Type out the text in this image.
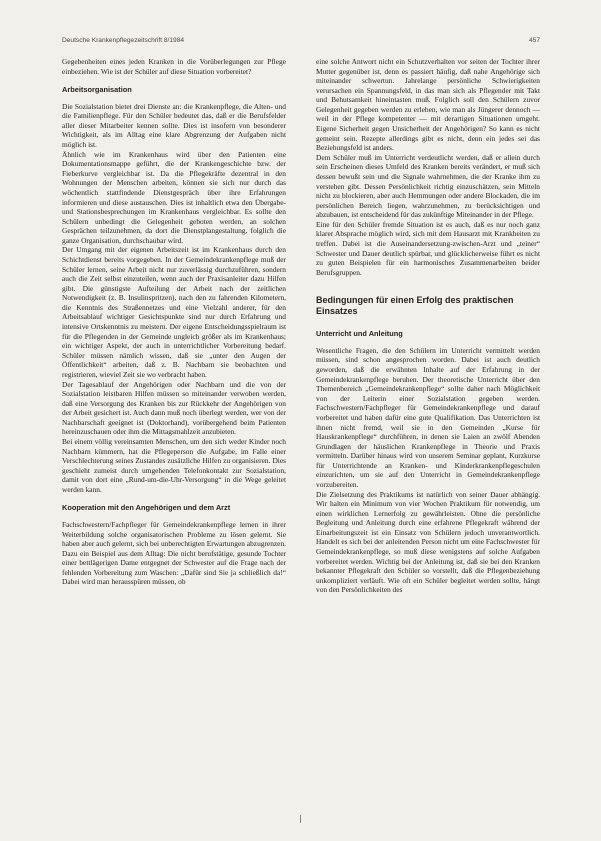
Deutsche Krankenpflegezeitschrift 8/1984	457

Gegebenheiten eines jeden Kranken in die Vorüberlegungen zur Pflege einbeziehen. Wie ist der Schüler auf diese Situation vorbereitet?

Arbeitsorganisation

Die Sozialstation bietet drei Dienste an: die Krankenpflege, die Alten- und die Familienpflege. Für den Schüler bedeutet das, daß er die Berufsfelder aller dieser Mitarbeiter kennen sollte. Dies ist insofern von besonderer Wichtigkeit, als im Alltag eine klare Abgrenzung der Aufgaben nicht möglich ist.

Ähnlich wie im Krankenhaus wird über den Patienten eine Dokumentationsmappe geführt, die der Krankengeschichte bzw. der Fieberkurve vergleichbar ist. Da die Pflegekräfte dezentral in den Wohnungen der Menschen arbeiten, können sie sich nur durch das wöchentlich stattfindende Dienstgespräch über ihre Erfahrungen informieren und diese austauschen. Dies ist inhaltlich etwa den Übergabe- und Stationsbesprechungen im Krankenhaus vergleichbar. Es sollte den Schülern unbedingt die Gelegenheit geboten werden, an solchen Gesprächen teilzunehmen, da dort die Dienstplangestaltung, folglich die ganze Organisation, durchschaubar wird.

Der Umgang mit der eigenen Arbeitszeit ist im Krankenhaus durch den Schichtdienst bereits vorgegeben. In der Gemeindekrankenpflege muß der Schüler lernen, seine Arbeit nicht nur zuverlässig durchzuführen, sondern auch die Zeit selbst einzuteilen, wenn auch der Praxisanleiter dazu Hilfen gibt. Die günstigste Aufteilung der Arbeit nach der zeitlichen Notwendigkeit (z. B. Insulinspritzen), nach den zu fahrenden Kilometern, die Kenntnis des Straßennetzes und eine Vielzahl anderer, für den Arbeitsablauf wichtiger Gesichtspunkte sind nur durch Erfahrung und intensive Ortskenntnis zu meistern. Der eigene Entscheidungsspielraum ist für die Pflegenden in der Gemeinde ungleich größer als im Krankenhaus; ein wichtiger Aspekt, der auch in unterrichtlicher Vorbereitung bedarf. Schüler müssen nämlich wissen, daß sie „unter den Augen der Öffentlichkeit“ arbeiten, daß z. B. Nachbarn sie beobachten und registrieren, wieviel Zeit sie wo verbracht haben.

Der Tagesablauf der Angehörigen oder Nachbarn und die von der Sozialstation leistbaren Hilfen müssen so miteinander verwoben werden, daß eine Versorgung des Kranken bis zur Rückkehr der Angehörigen von der Arbeit gesichert ist. Auch dann muß noch überlegt werden, wer von der Nachbarschaft geeignet ist (Doktorhand), vorübergehend beim Patienten hereinzuschauen oder ihm die Mittagsmahlzeit anzubieten.

Bei einem völlig vereinsamten Menschen, um den sich weder Kinder noch Nachbarn kümmern, hat die Pflegeperson die Aufgabe, im Falle einer Verschlechterung seines Zustandes zusätzliche Hilfen zu organisieren. Dies geschieht zumeist durch umgehenden Telefonkontakt zur Sozialstation, damit von dort eine „Rund-um-die-Uhr-Versorgung“ in die Wege geleitet werden kann.

Kooperation mit den Angehörigen und dem Arzt

Fachschwestern/Fachpfleger für Gemeindekrankenpflege lernen in ihrer Weiterbildung solche organisatorischen Probleme zu lösen gelernt. Sie haben aber auch gelernt, sich bei unberechtigten Erwartungen abzugrenzen. Dazu ein Beispiel aus dem Alltag: Die nicht berufstätige, gesunde Tochter einer bettlägerigen Dame entgegnet der Schwester auf die Frage nach der fehlenden Vorbereitung zum Waschen: „Dafür sind Sie ja schließlich da!“ Dabei wird man herausspüren müssen, ob

eine solche Antwort nicht ein Schutzverhalten vor seiten der Tochter ihrer Mutter gegenüber ist, denn es passiert häufig, daß nahe Angehörige sich miteinander schwertun. Jahrelange persönliche Schwierigkeiten verursachen ein Spannungsfeld, in das man sich als Pflegender mit Takt und Behutsamkeit hineintasten muß. Folglich soll den Schülern zuvor Gelegenheit gegeben werden zu erleben, wie man als Jüngerer dennoch — weil in der Pflege kompetenter — mit derartigen Situationen umgeht. Eigene Sicherheit gegen Unsicherheit der Angehörigen? So kann es nicht gemeint sein. Rezepte allerdings gibt es nicht, denn ein jedes sei das Beziehungsfeld ist anders.

Dem Schüler muß im Unterricht verdeutlicht werden, daß er allein durch sein Erscheinen dieses Umfeld des Kranken bereits verändert, er muß sich dessen bewußt sein und die Signale wahrnehmen, die der Kranke ihm zu verstehen gibt. Dessen Persönlichkeit richtig einzuschätzen, sein Mitteln nicht zu blockieren, aber auch Hemmungen oder andere Blockaden, die im persönlichen Bereich liegen, wahrzunehmen, zu berücksichtigen und abzubauen, ist entscheidend für das zukünftige Miteinander in der Pflege.

Eine für den Schüler fremde Situation ist es auch, daß es nur noch ganz klarer Absprache möglich wird, sich mit dem Hausarzt mit Krankheiten zu treffen. Dabei ist die Auseinandersetzung-zwischen-Arzt und „teiner“ Schwester und Dauer deutlich spürbar, und glücklicherweise führt es nicht zu guten Beispielen für ein harmonisches Zusammenarbeiten beider Berufsgruppen.

Bedingungen für einen Erfolg des praktischen Einsatzes
Unterricht und Anleitung

Wesentliche Fragen, die den Schülern im Unterricht vermittelt werden müssen, sind schon angesprochen worden. Dabei ist auch deutlich geworden, daß die erwähnten Inhalte auf der Erfahrung in der Gemeindekrankenpflege beruhen. Der theoretische Unterricht über den Themenbereich „Gemeindekrankenpflege“ sollte daher nach Möglichkeit von der Leiterin einer Sozialstation gegeben werden. Fachschwestern/Fachpfleger für Gemeindekrankenpflege und darauf vorbereitet und haben dafür eine gute Qualifikation. Das Unterrichten ist ihnen nicht fremd, weil sie in den Gemeinden „Kurse für Hauskrankenpflege“ durchführen, in denen sie Laien an zwölf Abenden Grundlagen der häuslichen Krankenpflege in Theorie und Praxis vermitteln. Darüber hinaus wird von unserem Seminar geplant, Kurzkurse für Unterrichtende an Kranken- und Kinderkrankenpflegeschulen einzurichten, um sie auf den Unterricht in Gemeindekrankenpflege vorzubereiten.

Die Zielsetzung des Praktikums ist natürlich von seiner Dauer abhängig. Wir halten ein Minimum von vier Wochen Praktikum für notwendig, um einen wirklichen Lernerfolg zu gewährleisten. Ohne die persönliche Begleitung und Anleitung durch eine erfahrene Pflegekraft während der Einarbeitungszeit ist ein Einsatz von Schülern jedoch unverantwortlich. Handelt es sich bei der anleitenden Person nicht um eine Fachschwester für Gemeindekrankenpflege, so muß diese wenigstens auf solche Aufgaben vorbereitet werden. Wichtig bei der Anleitung ist, daß sie bei den Kranken bekannter Pflegekraft den Schüler so vorstellt, daß die Pflegenbeziehung unkompliziert verläuft. Wie oft ein Schüler begleitet werden sollte, hängt von den Persönlichkeiten des
